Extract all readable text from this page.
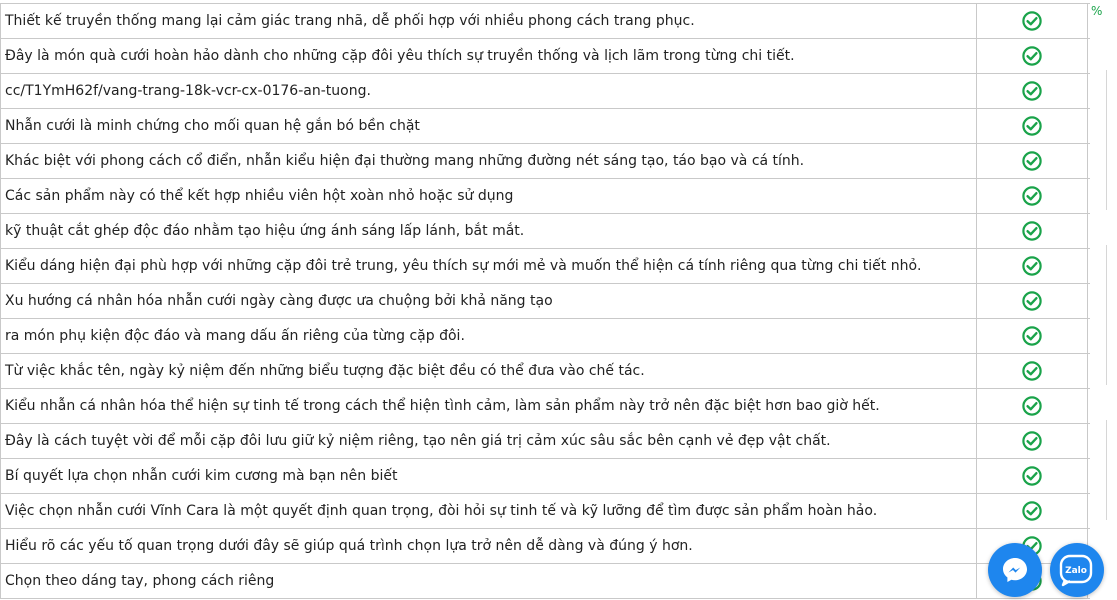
Thiết kế truyền thống mang lại cảm giác trang nhã, dễ phối hợp với nhiều phong cách trang phục.
Đây là món quà cưới hoàn hảo dành cho những cặp đôi yêu thích sự truyền thống và lịch lãm trong từng chi tiết.
cc/T1YmH62f/vang-trang-18k-vcr-cx-0176-an-tuong.
Nhẫn cưới là minh chứng cho mối quan hệ gắn bó bền chặt
Khác biệt với phong cách cổ điển, nhẫn kiểu hiện đại thường mang những đường nét sáng tạo, táo bạo và cá tính.
Các sản phẩm này có thể kết hợp nhiều viên hột xoàn nhỏ hoặc sử dụng
kỹ thuật cắt ghép độc đáo nhằm tạo hiệu ứng ánh sáng lấp lánh, bắt mắt.
Kiểu dáng hiện đại phù hợp với những cặp đôi trẻ trung, yêu thích sự mới mẻ và muốn thể hiện cá tính riêng qua từng chi tiết nhỏ.
Xu hướng cá nhân hóa nhẫn cưới ngày càng được ưa chuộng bởi khả năng tạo
ra món phụ kiện độc đáo và mang dấu ấn riêng của từng cặp đôi.
Từ việc khắc tên, ngày kỷ niệm đến những biểu tượng đặc biệt đều có thể đưa vào chế tác.
Kiểu nhẫn cá nhân hóa thể hiện sự tinh tế trong cách thể hiện tình cảm, làm sản phẩm này trở nên đặc biệt hơn bao giờ hết.
Đây là cách tuyệt vời để mỗi cặp đôi lưu giữ kỷ niệm riêng, tạo nên giá trị cảm xúc sâu sắc bên cạnh vẻ đẹp vật chất.
Bí quyết lựa chọn nhẫn cưới kim cương mà bạn nên biết
Việc chọn nhẫn cưới Vĩnh Cara là một quyết định quan trọng, đòi hỏi sự tinh tế và kỹ lưỡng để tìm được sản phẩm hoàn hảo.
Hiểu rõ các yếu tố quan trọng dưới đây sẽ giúp quá trình chọn lựa trở nên dễ dàng và đúng ý hơn.
Chọn theo dáng tay, phong cách riêng
%
Zalo
